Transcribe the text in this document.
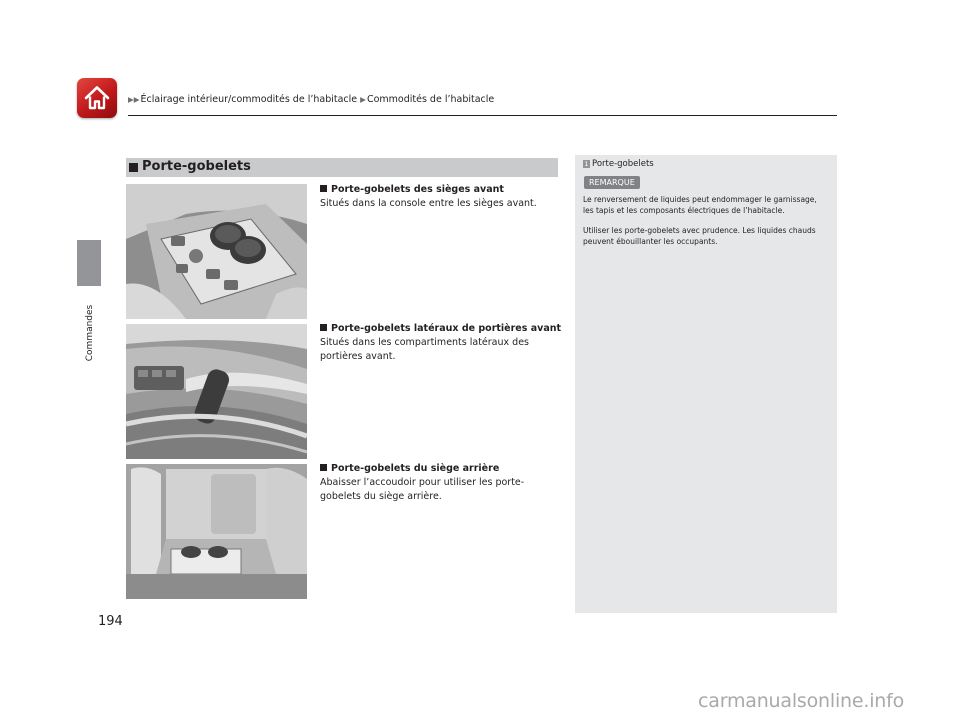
▶▶Éclairage intérieur/commodités de l’habitacle ▶Commodités de l’habitacle
Commandes
194
Porte-gobelets
Porte-gobelets des sièges avant
Situés dans la console entre les sièges avant.
Porte-gobelets latéraux de portières avant
Situés dans les compartiments latéraux des portières avant.
Porte-gobelets du siège arrière
Abaisser l’accoudoir pour utiliser les porte-gobelets du siège arrière.
1 Porte-gobelets
REMARQUE

Le renversement de liquides peut endommager le garnissage, les tapis et les composants électriques de l’habitacle.

Utiliser les porte-gobelets avec prudence. Les liquides chauds peuvent ébouillanter les occupants.

carmanualsonline.info
